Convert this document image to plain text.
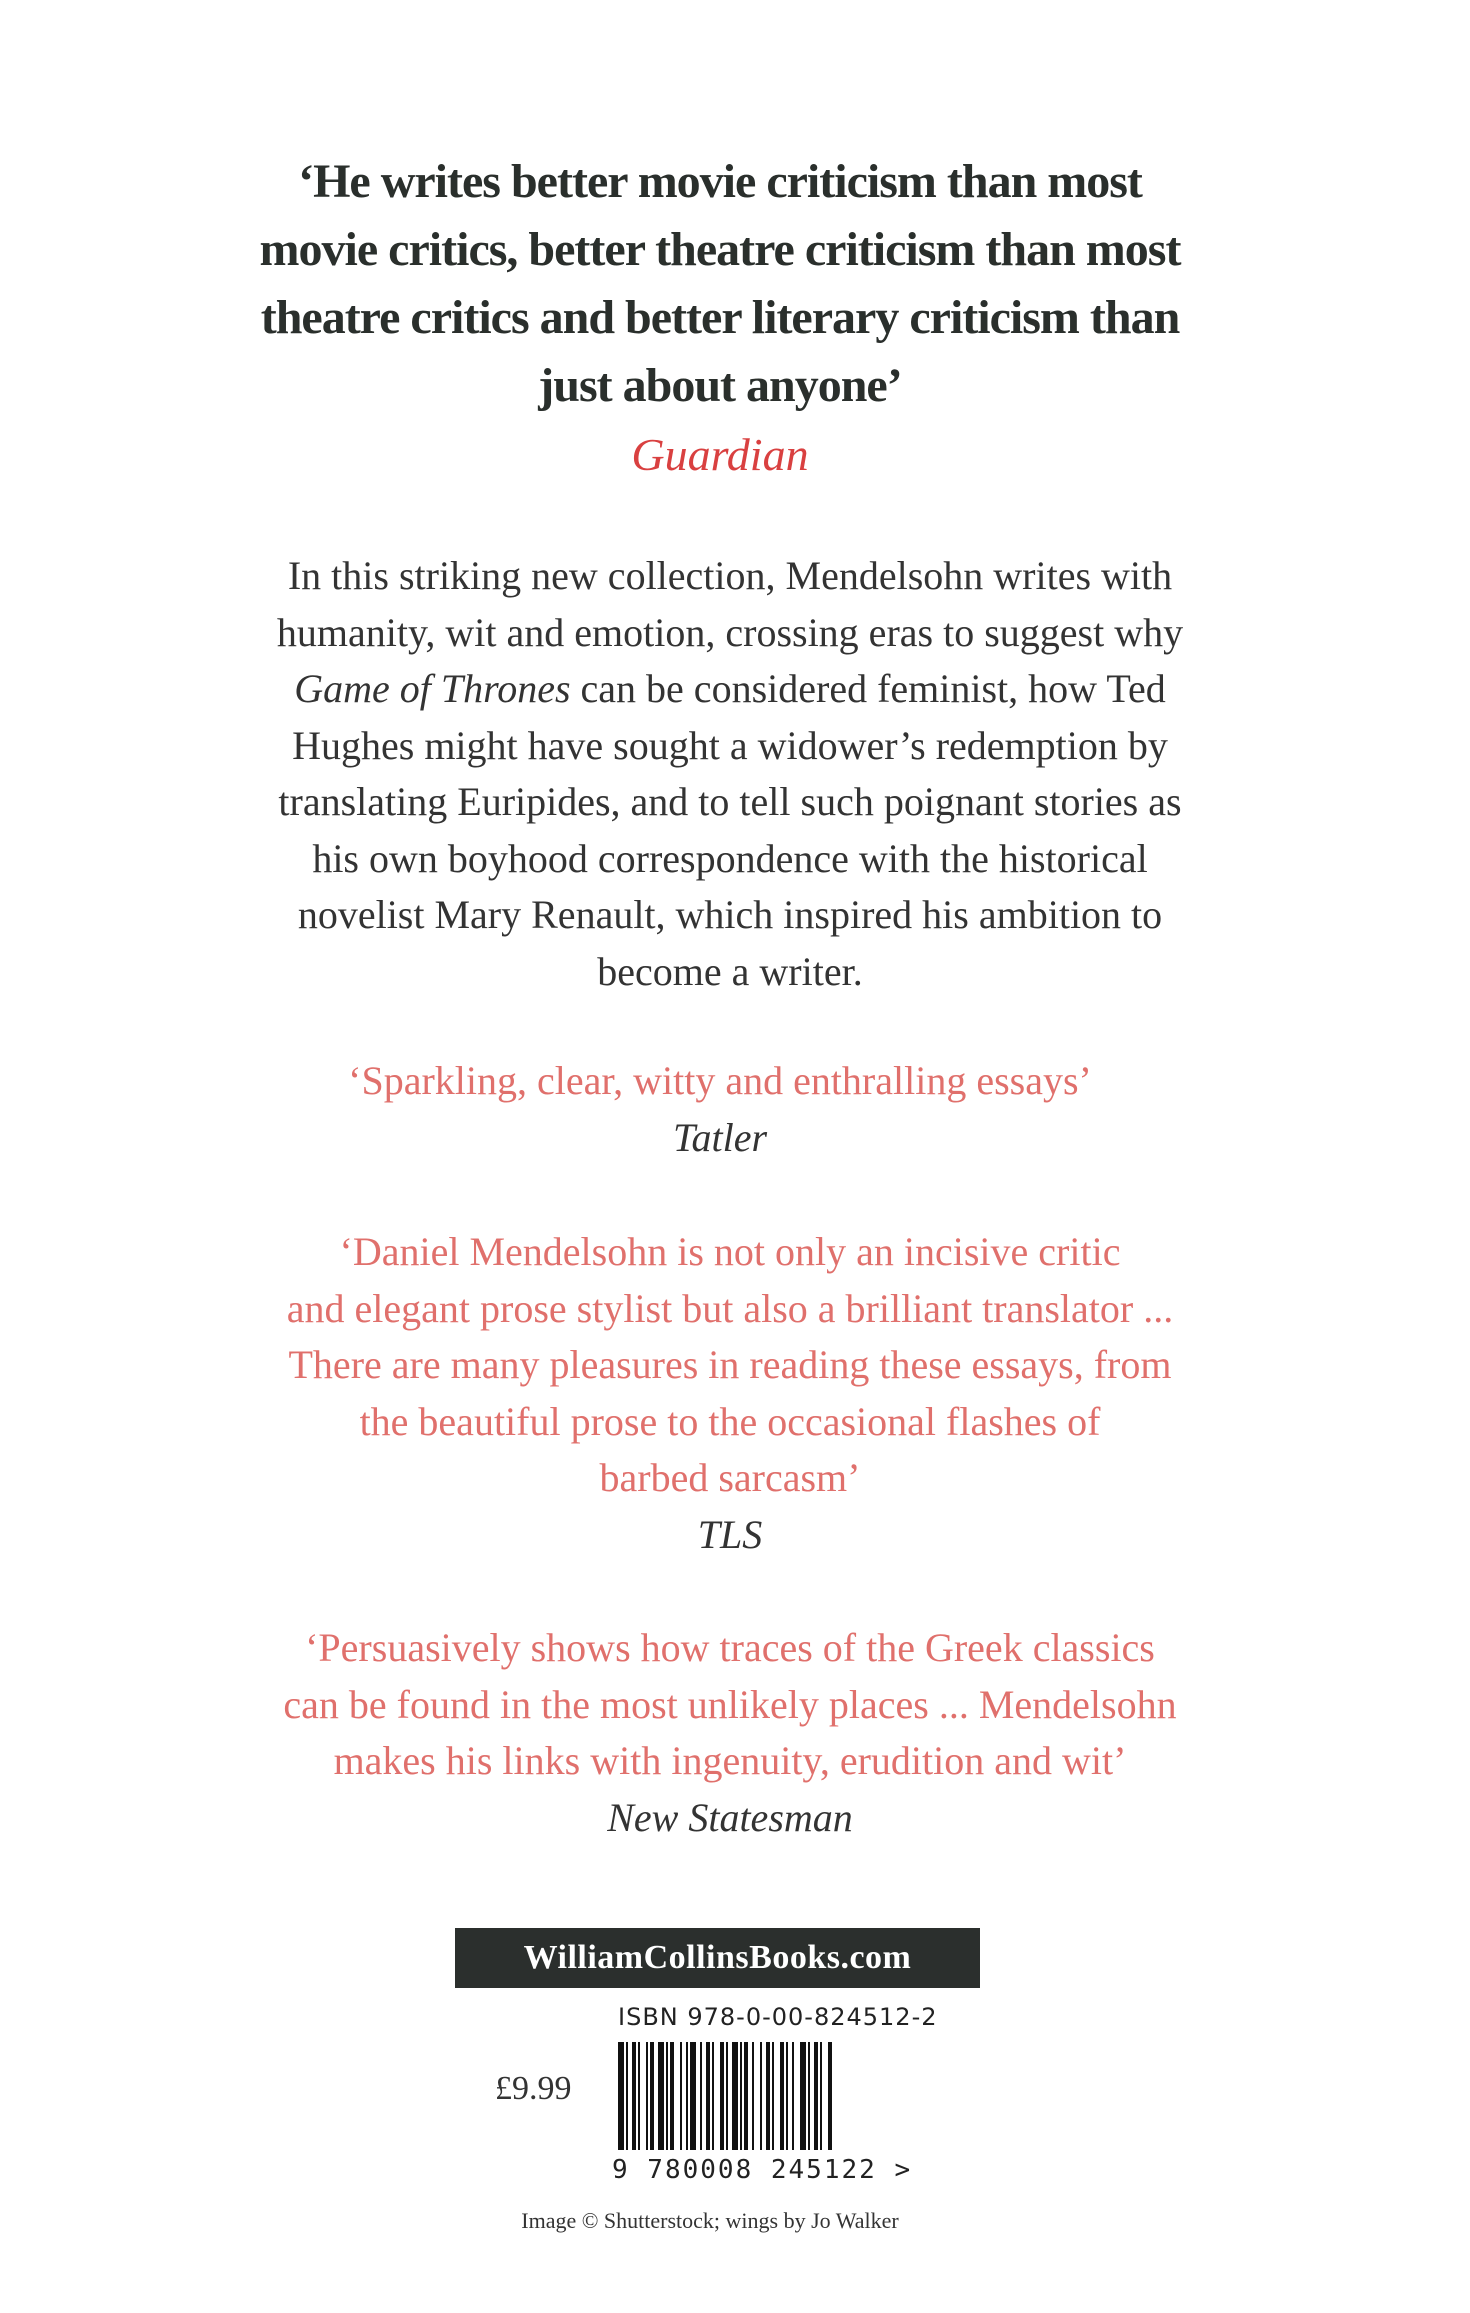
‘He writes better movie criticism than most
movie critics, better theatre criticism than most
theatre critics and better literary criticism than
just about anyone’
Guardian
In this striking new collection, Mendelsohn writes with
humanity, wit and emotion, crossing eras to suggest why
Game of Thrones can be considered feminist, how Ted
Hughes might have sought a widower’s redemption by
translating Euripides, and to tell such poignant stories as
his own boyhood correspondence with the historical
novelist Mary Renault, which inspired his ambition to
become a writer.
‘Sparkling, clear, witty and enthralling essays’
Tatler
‘Daniel Mendelsohn is not only an incisive critic
and elegant prose stylist but also a brilliant translator ...
There are many pleasures in reading these essays, from
the beautiful prose to the occasional flashes of
barbed sarcasm’
TLS
‘Persuasively shows how traces of the Greek classics
can be found in the most unlikely places ... Mendelsohn
makes his links with ingenuity, erudition and wit’
New Statesman
WilliamCollinsBooks.com
ISBN 978-0-00-824512-2
£9.99
9 780008 245122 >
Image © Shutterstock; wings by Jo Walker
